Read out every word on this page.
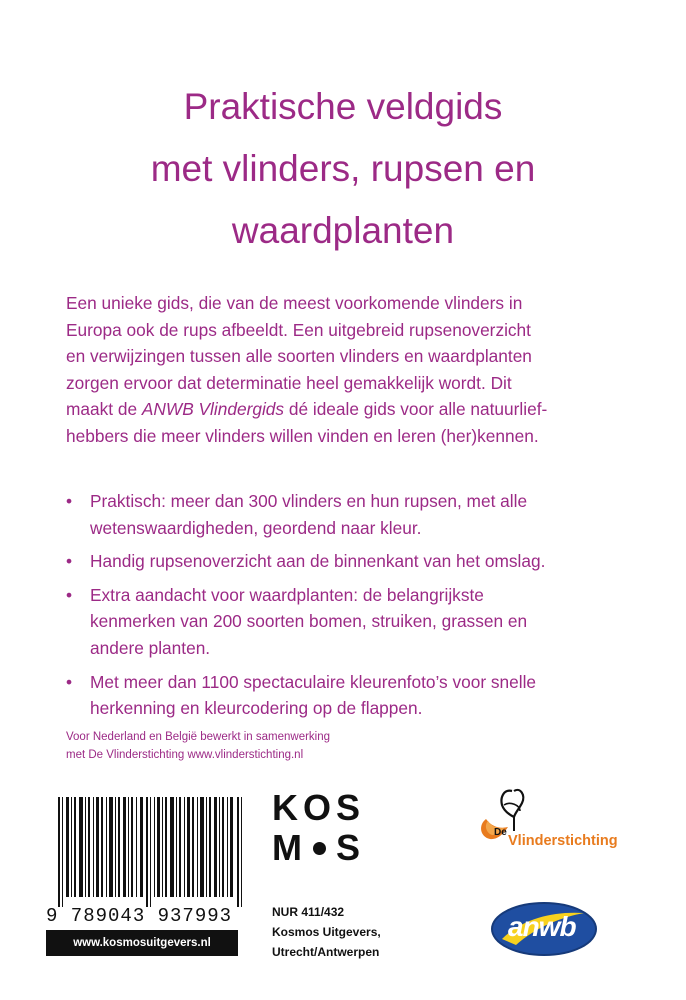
Praktische veldgids
met vlinders, rupsen en
waardplanten

Een unieke gids, die van de meest voorkomende vlinders in
Europa ook de rups afbeeldt. Een uitgebreid rupsenoverzicht
en verwijzingen tussen alle soorten vlinders en waardplanten
zorgen ervoor dat determinatie heel gemakkelijk wordt. Dit
maakt de ANWB Vlindergids dé ideale gids voor alle natuurlief-
hebbers die meer vlinders willen vinden en leren (her)kennen.

• Praktisch: meer dan 300 vlinders en hun rupsen, met alle
wetenswaardigheden, geordend naar kleur.
• Handig rupsenoverzicht aan de binnenkant van het omslag.
• Extra aandacht voor waardplanten: de belangrijkste
kenmerken van 200 soorten bomen, struiken, grassen en
andere planten.
• Met meer dan 1100 spectaculaire kleurenfoto’s voor snelle
herkenning en kleurcodering op de flappen.
Voor Nederland en België bewerkt in samenwerking
met De Vlinderstichting www.vlinderstichting.nl
9 789043 937993
www.kosmosuitgevers.nl
K O S
M S
NUR 411/432
Kosmos Uitgevers,
Utrecht/Antwerpen
De
Vlinderstichting
anwb
